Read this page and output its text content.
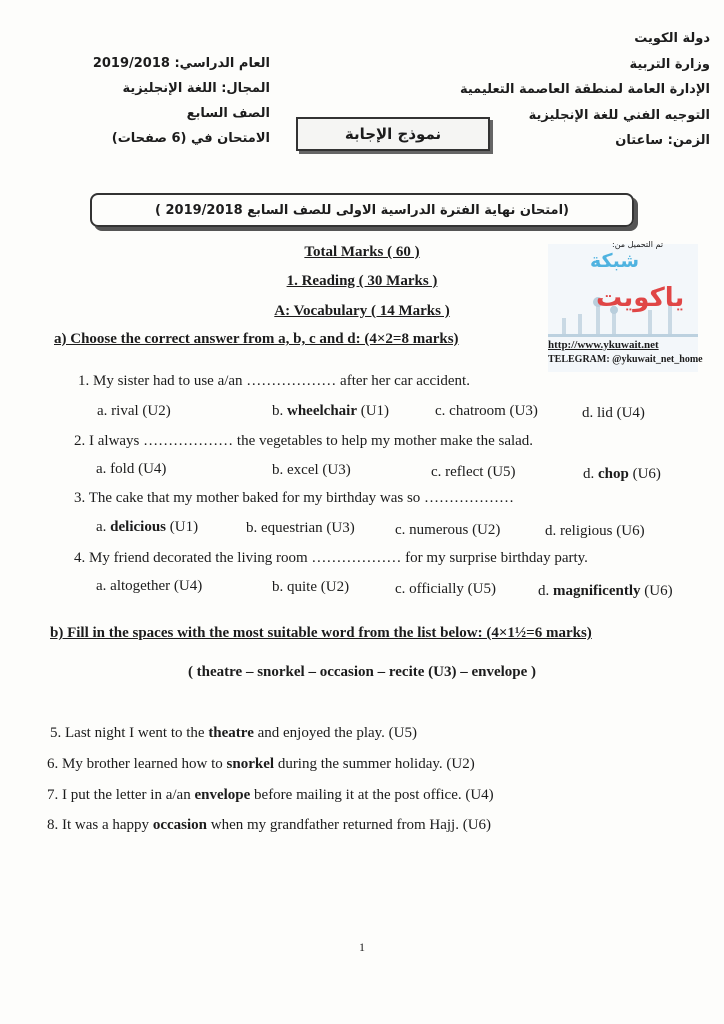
دولة الكويت
وزارة التربية
الإدارة العامة لمنطقة العاصمة التعليمية
التوجيه الفني للغة الإنجليزية
الزمن: ساعتان
العام الدراسي: 2019/2018
المجال: اللغة الإنجليزية
الصف السابع
الامتحان في (6 صفحات)	نموذج الإجابة
(امتحان نهاية الفترة الدراسية الاولى للصف السابع 2019/2018 )
تم التحميل من:
شبكة
ياكويت
http://www.ykuwait.net
TELEGRAM: @ykuwait_net_home
Total Marks ( 60 )
1. Reading ( 30 Marks )
A: Vocabulary ( 14 Marks )
a) Choose the correct answer from a, b, c and d: (4×2=8 marks)
1. My sister had to use a/an ……………… after her car accident.
a. rival (U2)	b. wheelchair (U1)	c. chatroom (U3)	d. lid (U4)
2. I always ……………… the vegetables to help my mother make the salad.
a. fold (U4)	b. excel (U3)	c. reflect (U5)	d. chop (U6)
3. The cake that my mother baked for my birthday was so ………………
a. delicious (U1)	b. equestrian (U3)	c. numerous (U2)	d. religious (U6)
4. My friend decorated the living room ……………… for my surprise birthday party.
a. altogether (U4)	b. quite (U2)	c. officially (U5)	d. magnificently (U6)
b) Fill in the spaces with the most suitable word from the list below: (4×1½=6 marks)
( theatre – snorkel – occasion – recite (U3) – envelope )
5. Last night I went to the theatre and enjoyed the play. (U5)
6. My brother learned how to snorkel during the summer holiday. (U2)
7. I put the letter in a/an envelope before mailing it at the post office. (U4)
8. It was a happy occasion when my grandfather returned from Hajj. (U6)
1
